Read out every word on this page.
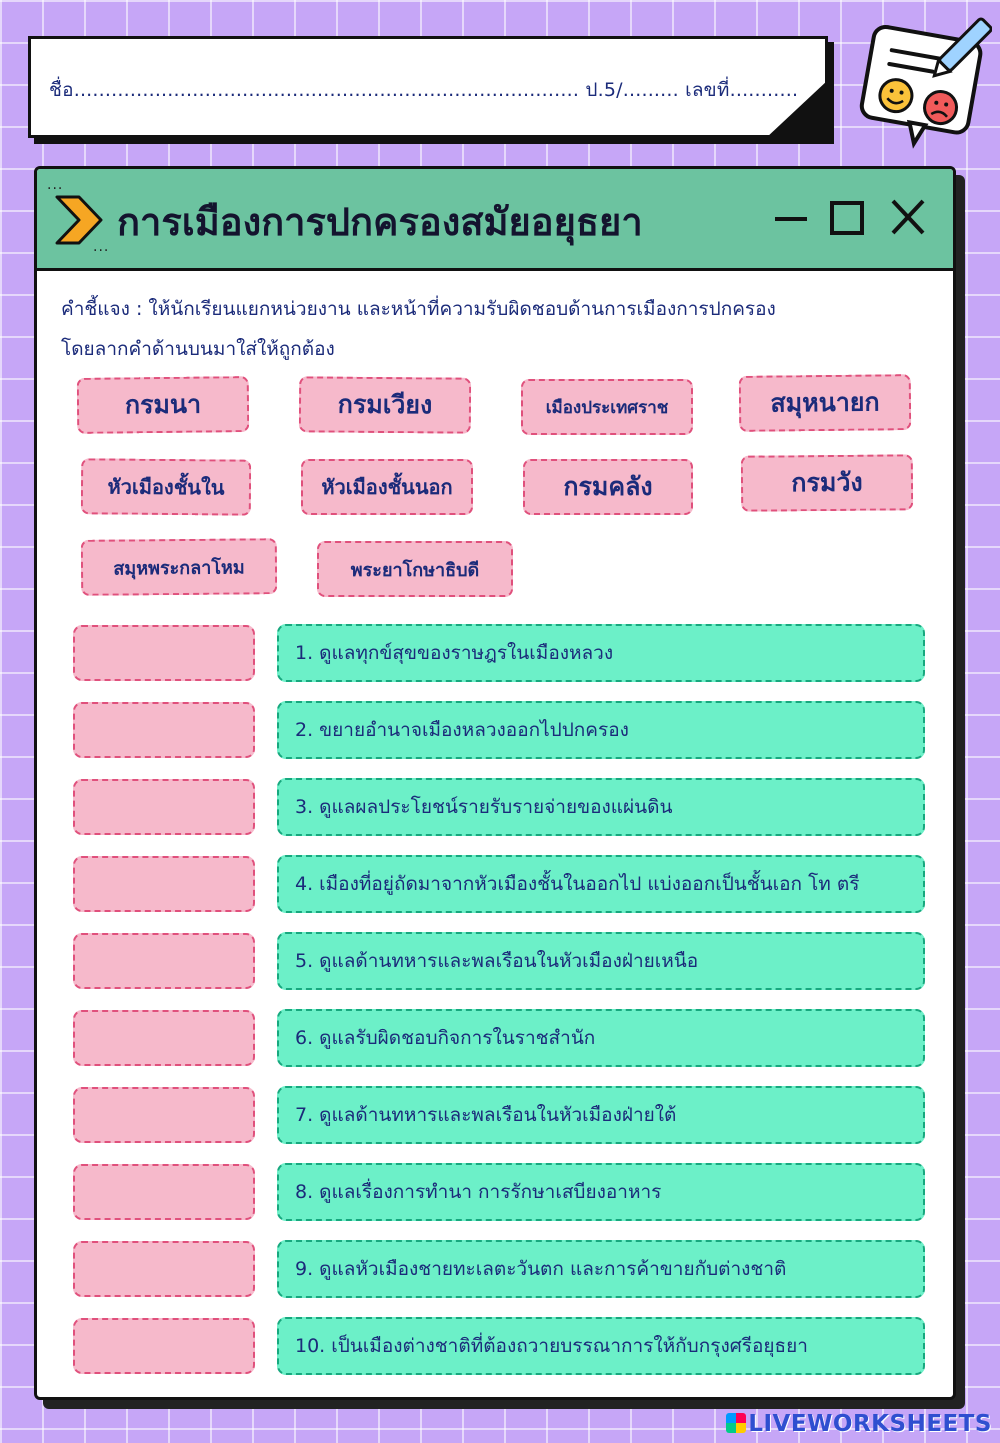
ชื่อ................................................................................. ป.5/......... เลขที่...........
...
...
การเมืองการปกครองสมัยอยุธยา
คำชี้แจง : ให้นักเรียนแยกหน่วยงาน และหน้าที่ความรับผิดชอบด้านการเมืองการปกครอง
โดยลากคำด้านบนมาใส่ให้ถูกต้อง
กรมนา	กรมเวียง	เมืองประเทศราช	สมุหนายก
หัวเมืองชั้นใน	หัวเมืองชั้นนอก	กรมคลัง	กรมวัง
สมุหพระกลาโหม	พระยาโกษาธิบดี
1. ดูแลทุกข์สุขของราษฎรในเมืองหลวง
2. ขยายอำนาจเมืองหลวงออกไปปกครอง
3. ดูแลผลประโยชน์รายรับรายจ่ายของแผ่นดิน
4. เมืองที่อยู่ถัดมาจากหัวเมืองชั้นในออกไป แบ่งออกเป็นชั้นเอก โท ตรี
5. ดูแลด้านทหารและพลเรือนในหัวเมืองฝ่ายเหนือ
6. ดูแลรับผิดชอบกิจการในราชสำนัก
7. ดูแลด้านทหารและพลเรือนในหัวเมืองฝ่ายใต้
8. ดูแลเรื่องการทำนา การรักษาเสบียงอาหาร
9. ดูแลหัวเมืองชายทะเลตะวันตก และการค้าขายกับต่างชาติ
10. เป็นเมืองต่างชาติที่ต้องถวายบรรณาการให้กับกรุงศรีอยุธยา
LIVEWORKSHEETS
